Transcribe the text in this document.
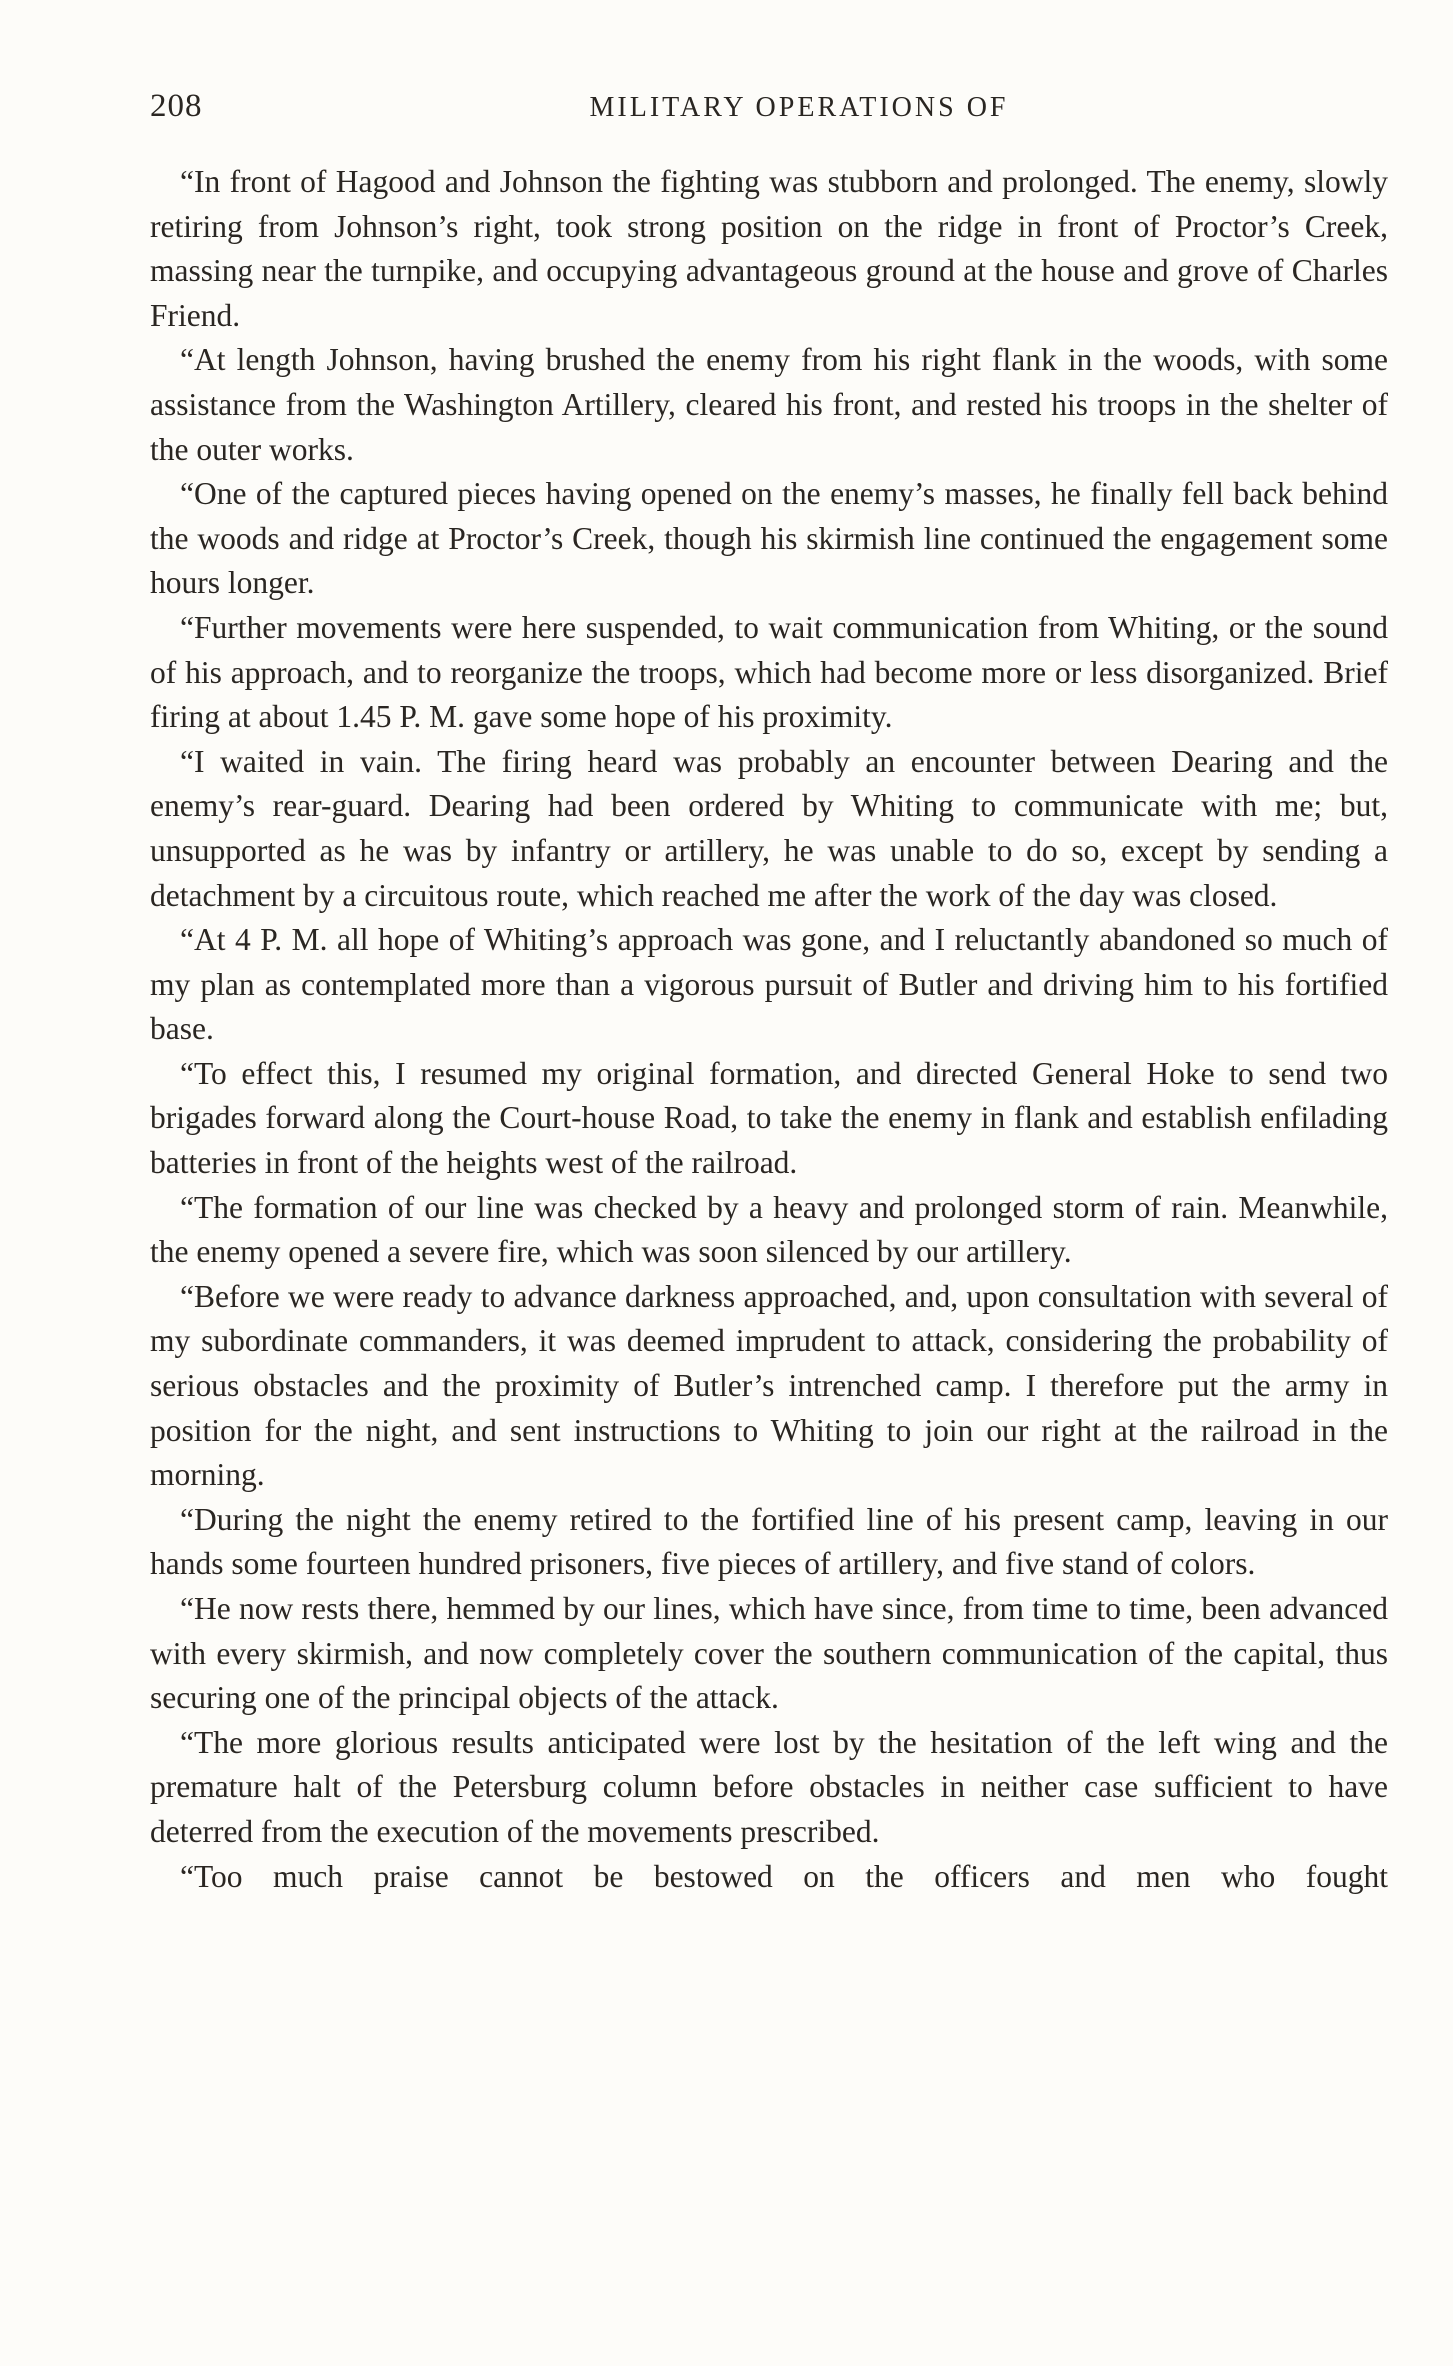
208	MILITARY OPERATIONS OF

“In front of Hagood and Johnson the fighting was stubborn and prolonged. The enemy, slowly retiring from Johnson’s right, took strong position on the ridge in front of Proctor’s Creek, massing near the turnpike, and occupying advantageous ground at the house and grove of Charles Friend.

“At length Johnson, having brushed the enemy from his right flank in the woods, with some assistance from the Washington Artillery, cleared his front, and rested his troops in the shelter of the outer works.

“One of the captured pieces having opened on the enemy’s masses, he finally fell back behind the woods and ridge at Proctor’s Creek, though his skirmish line continued the engagement some hours longer.

“Further movements were here suspended, to wait communication from Whiting, or the sound of his approach, and to reorganize the troops, which had become more or less disorganized. Brief firing at about 1.45 P. M. gave some hope of his proximity.

“I waited in vain. The firing heard was probably an encounter between Dearing and the enemy’s rear-guard. Dearing had been ordered by Whiting to communicate with me; but, unsupported as he was by infantry or artillery, he was unable to do so, except by sending a detachment by a circuitous route, which reached me after the work of the day was closed.

“At 4 P. M. all hope of Whiting’s approach was gone, and I reluctantly abandoned so much of my plan as contemplated more than a vigorous pursuit of Butler and driving him to his fortified base.

“To effect this, I resumed my original formation, and directed General Hoke to send two brigades forward along the Court-house Road, to take the enemy in flank and establish enfilading batteries in front of the heights west of the railroad.

“The formation of our line was checked by a heavy and prolonged storm of rain. Meanwhile, the enemy opened a severe fire, which was soon silenced by our artillery.

“Before we were ready to advance darkness approached, and, upon consultation with several of my subordinate commanders, it was deemed imprudent to attack, considering the probability of serious obstacles and the proximity of Butler’s intrenched camp. I therefore put the army in position for the night, and sent instructions to Whiting to join our right at the railroad in the morning.

“During the night the enemy retired to the fortified line of his present camp, leaving in our hands some fourteen hundred prisoners, five pieces of artillery, and five stand of colors.

“He now rests there, hemmed by our lines, which have since, from time to time, been advanced with every skirmish, and now completely cover the southern communication of the capital, thus securing one of the principal objects of the attack.

“The more glorious results anticipated were lost by the hesitation of the left wing and the premature halt of the Petersburg column before obstacles in neither case sufficient to have deterred from the execution of the movements prescribed.

“Too much praise cannot be bestowed on the officers and men who fought
